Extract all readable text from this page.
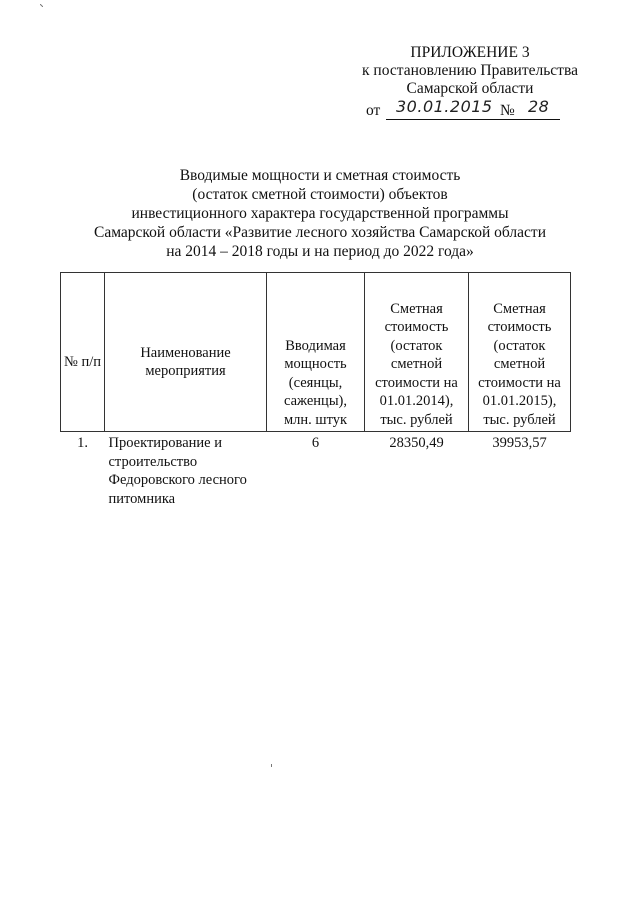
ПРИЛОЖЕНИЕ 3
к постановлению Правительства
Самарской области
от 30.01.2015 № 28
Вводимые мощности и сметная стоимость
(остаток сметной стоимости) объектов
инвестиционного характера государственной программы
Самарской области «Развитие лесного хозяйства Самарской области
на 2014 – 2018 годы и на период до 2022 года»
№ п/п	Наименование мероприятия	Вводимая мощность (сеянцы, саженцы), млн. штук	Сметная стоимость (остаток сметной стоимости на 01.01.2014), тыс. рублей	Сметная стоимость (остаток сметной стоимости на 01.01.2015), тыс. рублей
1.	Проектирование и строительство Федоровского лесного питомника	6	28350,49	39953,57
